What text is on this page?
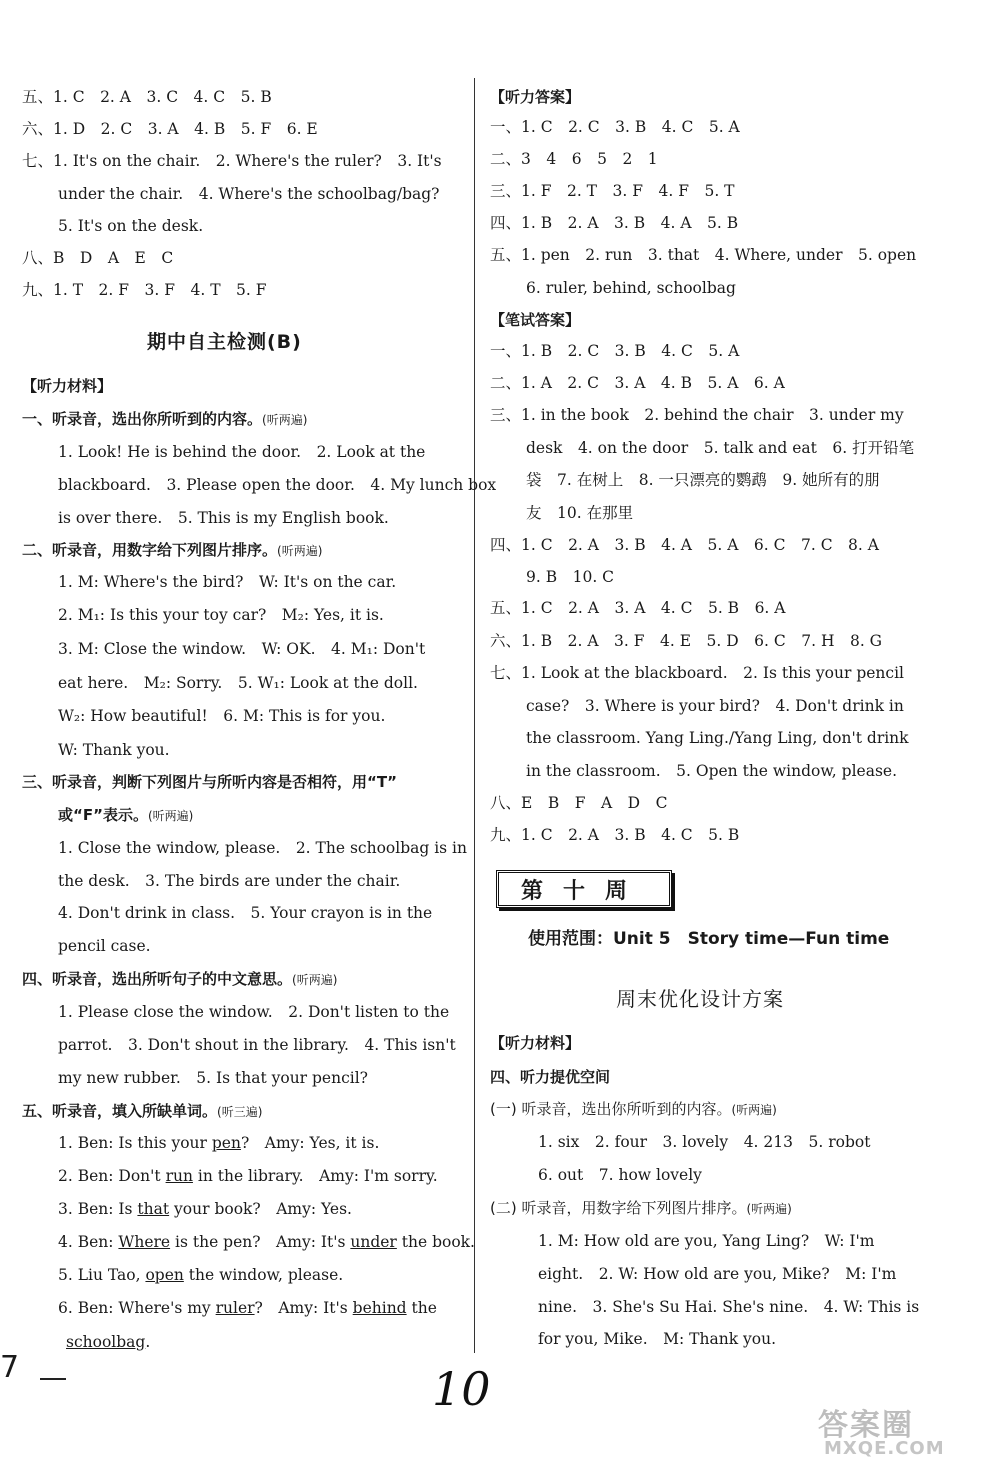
五、1. C　2. A　3. C　4. C　5. B
六、1. D　2. C　3. A　4. B　5. F　6. E
七、1. It's on the chair.　2. Where's the ruler?　3. It's
under the chair.　4. Where's the schoolbag/bag?
5. It's on the desk.
八、B　D　A　E　C
九、1. T　2. F　3. F　4. T　5. F
期中自主检测(B)
【听力材料】
一、听录音，选出你所听到的内容。(听两遍)
1. Look! He is behind the door.　2. Look at the
blackboard.　3. Please open the door.　4. My lunch box
is over there.　5. This is my English book.
二、听录音，用数字给下列图片排序。(听两遍)
1. M: Where's the bird?　W: It's on the car.
2. M₁: Is this your toy car?　M₂: Yes, it is.
3. M: Close the window.　W: OK.　4. M₁: Don't
eat here.　M₂: Sorry.　5. W₁: Look at the doll.
W₂: How beautiful!　6. M: This is for you.
W: Thank you.
三、听录音，判断下列图片与所听内容是否相符，用“T”
或“F”表示。(听两遍)
1. Close the window, please.　2. The schoolbag is in
the desk.　3. The birds are under the chair.
4. Don't drink in class.　5. Your crayon is in the
pencil case.
四、听录音，选出所听句子的中文意思。(听两遍)
1. Please close the window.　2. Don't listen to the
parrot.　3. Don't shout in the library.　4. This isn't
my new rubber.　5. Is that your pencil?
五、听录音，填入所缺单词。(听三遍)
1. Ben: Is this your pen?　Amy: Yes, it is.
2. Ben: Don't run in the library.　Amy: I'm sorry.
3. Ben: Is that your book?　Amy: Yes.
4. Ben: Where is the pen?　Amy: It's under the book.
5. Liu Tao, open the window, please.
6. Ben: Where's my ruler?　Amy: It's behind the
schoolbag.
【听力答案】
一、1. C　2. C　3. B　4. C　5. A
二、3　4　6　5　2　1
三、1. F　2. T　3. F　4. F　5. T
四、1. B　2. A　3. B　4. A　5. B
五、1. pen　2. run　3. that　4. Where, under　5. open
6. ruler, behind, schoolbag
【笔试答案】
一、1. B　2. C　3. B　4. C　5. A
二、1. A　2. C　3. A　4. B　5. A　6. A
三、1. in the book　2. behind the chair　3. under my
desk　4. on the door　5. talk and eat　6. 打开铅笔
袋　7. 在树上　8. 一只漂亮的鹦鹉　9. 她所有的朋
友　10. 在那里
四、1. C　2. A　3. B　4. A　5. A　6. C　7. C　8. A
9. B　10. C
五、1. C　2. A　3. A　4. C　5. B　6. A
六、1. B　2. A　3. F　4. E　5. D　6. C　7. H　8. G
七、1. Look at the blackboard.　2. Is this your pencil
case?　3. Where is your bird?　4. Don't drink in
the classroom. Yang Ling./Yang Ling, don't drink
in the classroom.　5. Open the window, please.
八、E　B　F　A　D　C
九、1. C　2. A　3. B　4. C　5. B
第十周
使用范围：Unit 5　Story time—Fun time
周末优化设计方案
【听力材料】
四、听力提优空间
(一) 听录音，选出你所听到的内容。(听两遍)
1. six　2. four　3. lovely　4. 213　5. robot
6. out　7. how lovely
(二) 听录音，用数字给下列图片排序。(听两遍)
1. M: How old are you, Yang Ling?　W: I'm
eight.　2. W: How old are you, Mike?　M: I'm
nine.　3. She's Su Hai. She's nine.　4. W: This is
for you, Mike.　M: Thank you.
7	10
答案圈
MXQE.COM
